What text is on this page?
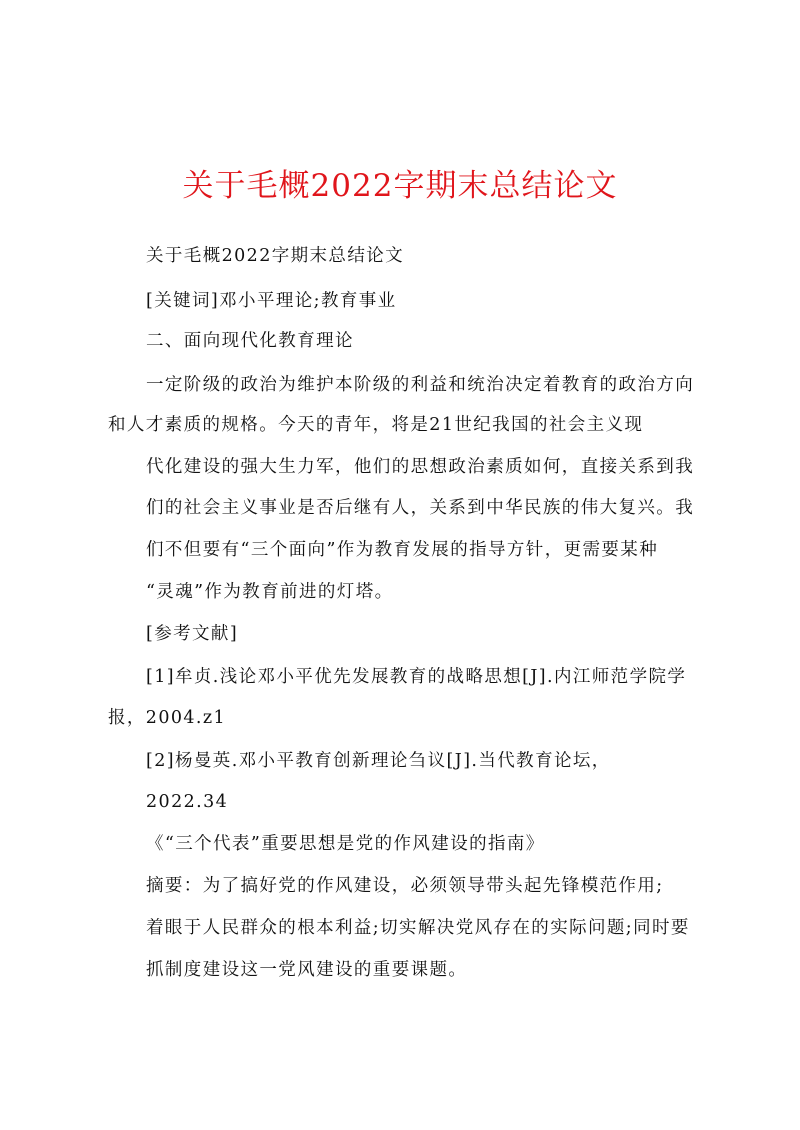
关于毛概2022字期末总结论文

关于毛概2022字期末总结论文

[关键词]邓小平理论;教育事业

二、面向现代化教育理论

一定阶级的政治为维护本阶级的利益和统治决定着教育的政治方向

和人才素质的规格。今天的青年，将是21世纪我国的社会主义现

代化建设的强大生力军，他们的思想政治素质如何，直接关系到我

们的社会主义事业是否后继有人，关系到中华民族的伟大复兴。我

们不但要有“三个面向”作为教育发展的指导方针，更需要某种

“灵魂”作为教育前进的灯塔。

[参考文献]

[1]牟贞.浅论邓小平优先发展教育的战略思想[J].内江师范学院学

报，2004.z1

[2]杨曼英.邓小平教育创新理论刍议[J].当代教育论坛，

2022.34

《“三个代表”重要思想是党的作风建设的指南》

摘要：为了搞好党的作风建设，必须领导带头起先锋模范作用;

着眼于人民群众的根本利益;切实解决党风存在的实际问题;同时要

抓制度建设这一党风建设的重要课题。
